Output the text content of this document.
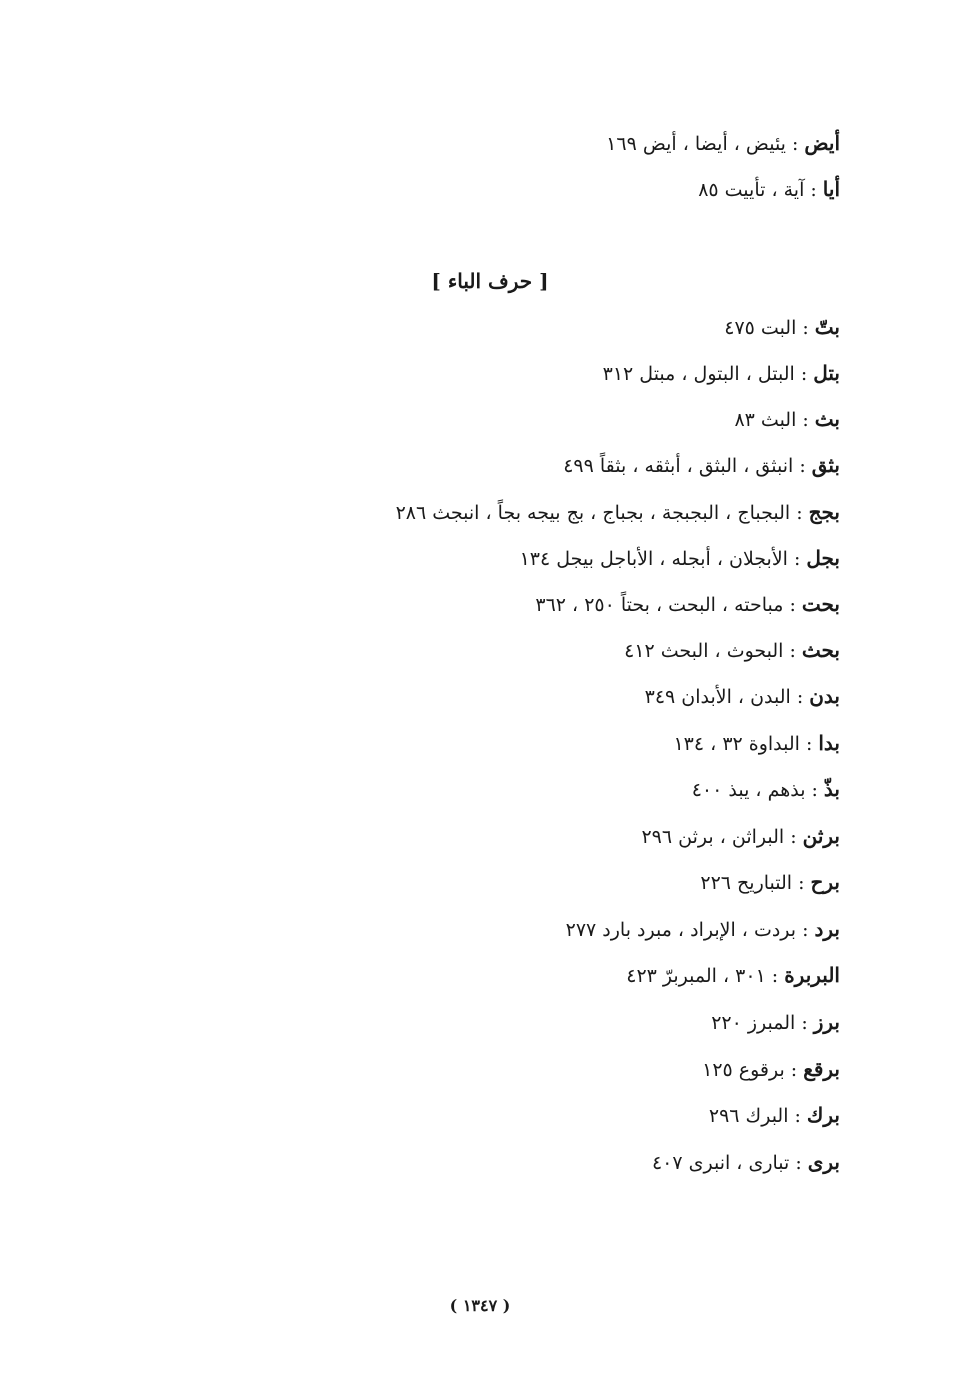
أيض:يئيض ، أيضا ، أيض ١٦٩
أيا:آية ، تأييت ٨٥
[ حرف الباء ]
بتّ:البت ٤٧٥
بتل:البتل ، البتول ، مبتل ٣١٢
بث:البث ٨٣
بثق:انبثق ، البثق ، أبثقه ، بثقاً ٤٩٩
بجج:البجباج ، البجبجة ، بجباج ، بج بيجه بجاً ، انبجث ٢٨٦
بجل:الأبجلان ، أبجله ، الأباجل بيجل ١٣٤
بحت:مباحته ، البحت ، بحتاً ٢٥٠ ، ٣٦٢
بحث:البحوث ، البحث ٤١٢
بدن:البدن ، الأبدان ٣٤٩
بدا:البداوة ٣٢ ، ١٣٤
بذّ:بذهم ، يبذ ٤٠٠
برثن:البراثن ، برثن ٢٩٦
برح:التباريح ٢٢٦
برد:بردت ، الإبراد ، مبرد بارد ٢٧٧
البربرة:٣٠١ ، المبربرّ ٤٢٣
برز:المبرز ٢٢٠
برقع:برقوع ١٢٥
برك:البرك ٢٩٦
برى:تبارى ، انبرى ٤٠٧
( ١٣٤٧ )
